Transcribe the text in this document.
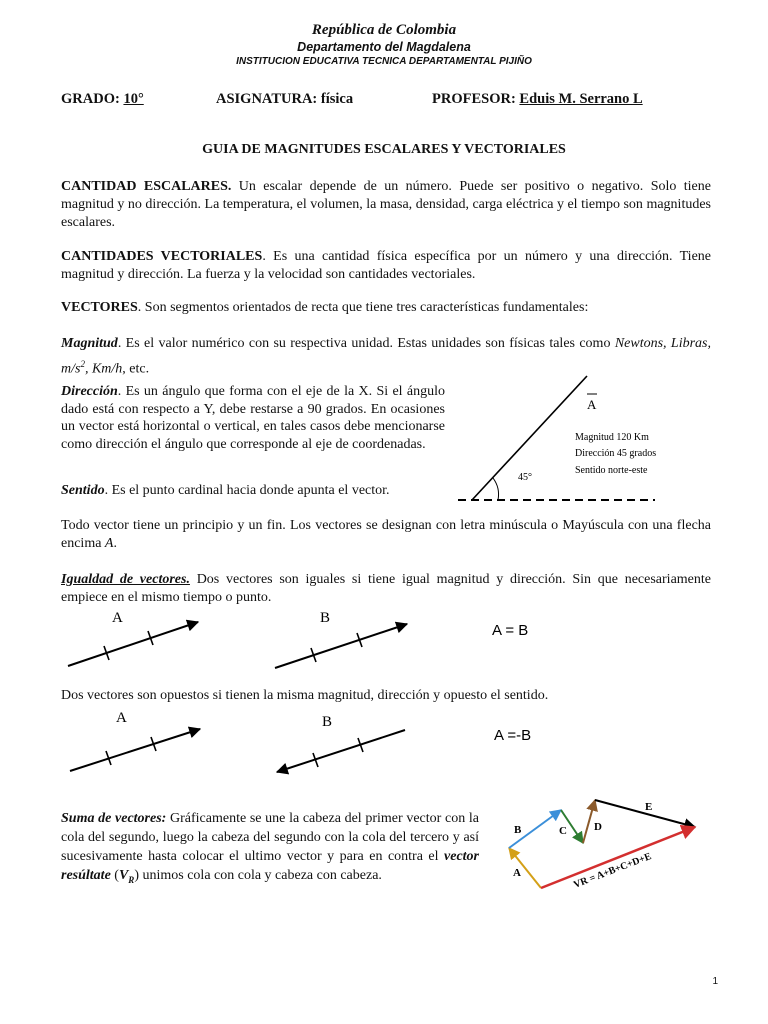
República de Colombia
Departamento del Magdalena
INSTITUCION EDUCATIVA TECNICA DEPARTAMENTAL PIJIÑO
GRADO: 10°	ASIGNATURA: física	PROFESOR: Eduis M. Serrano L
GUIA DE MAGNITUDES ESCALARES Y VECTORIALES

CANTIDAD ESCALARES. Un escalar depende de un número. Puede ser positivo o negativo. Solo tiene magnitud y no dirección. La temperatura, el volumen, la masa, densidad, carga eléctrica y el tiempo son magnitudes escalares.

CANTIDADES VECTORIALES. Es una cantidad física específica por un número y una dirección. Tiene magnitud y dirección. La fuerza y la velocidad son cantidades vectoriales.

VECTORES. Son segmentos orientados de recta que tiene tres características fundamentales:

Magnitud. Es el valor numérico con su respectiva unidad. Estas unidades son físicas tales como Newtons, Libras, $m/s^2$, Km/h, etc.

Dirección. Es un ángulo que forma con el eje de la X. Si el ángulo dado está con respecto a Y, debe restarse a 90 grados. En ocasiones un vector está horizontal o vertical, en tales casos debe mencionarse como dirección el ángulo que corresponde al eje de coordenadas.

Sentido. Es el punto cardinal hacia donde apunta el vector.

A
45°
Magnitud 120 Km
Dirección 45 grados
Sentido norte-este

Todo vector tiene un principio y un fin. Los vectores se designan con letra minúscula o Mayúscula con una flecha encima A.

Igualdad de vectores. Dos vectores son iguales si tiene igual magnitud y dirección. Sin que necesariamente empiece en el mismo tiempo o punto.

A	B
A = B

Dos vectores son opuestos si tienen la misma magnitud, dirección y opuesto el sentido.

A	B
A =-B

Suma de vectores: Gráficamente se une la cabeza del primer vector con la cola del segundo, luego la cabeza del segundo con la cola del tercero y así sucesivamente hasta colocar el ultimo vector y para en contra el vector resúltate $(V_R)$ unimos cola con cola y cabeza con cabeza.	A
B	C D
E
VR = A+B+C+D+E
1
